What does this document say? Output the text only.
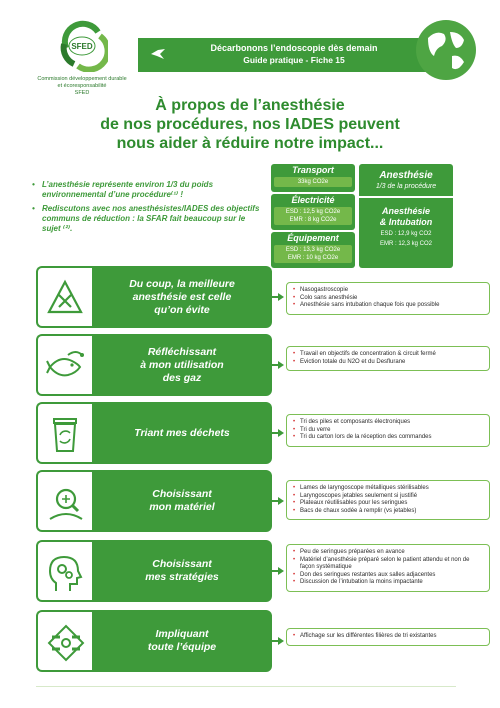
SFED
Commission développement durable
et écoresponsabilité
SFED
Décarbonons l’endoscopie dès demain
Guide pratique - Fiche 15
À propos de l’anesthésie
de nos procédures, nos IADES peuvent
nous aider à réduire notre impact...
• L’anesthésie représente environ 1/3 du poids environnemental d’une procédure⁽¹⁾ !
• Rediscutons avec nos anesthésistes/IADES des objectifs communs de réduction : la SFAR fait beaucoup sur le sujet ⁽²⁾.
Transport
33kg CO2e
Électricité
ESD : 12,5 kg CO2e
EMR : 8 kg CO2e
Équipement
ESD : 13,3 kg CO2e
EMR : 10 kg CO2e
Anesthésie
1/3 de la procédure
Anesthésie
& Intubation
ESD : 12,9 kg CO2
EMR : 12,3 kg CO2
Du coup, la meilleure
anesthésie est celle
qu’on évite
• Nasogastroscopie
• Colo sans anesthésie
• Anesthésie sans intubation chaque fois que possible
Réfléchissant
à mon utilisation
des gaz
• Travail en objectifs de concentration & circuit fermé
• Eviction totale du N2O et du Desflurane
Triant mes déchets
• Tri des piles et composants électroniques
• Tri du verre
• Tri du carton lors de la réception des commandes
Choisissant
mon matériel
• Lames de laryngoscope métalliques stérilisables
• Laryngoscopes jetables seulement si justifié
• Plateaux réutilisables pour les seringues
• Bacs de chaux sodée à remplir (vs jetables)
Choisissant
mes stratégies
• Peu de seringues préparées en avance
• Matériel d’anesthésie préparé selon le patient attendu et non de façon systématique
• Don des seringues restantes aux salles adjacentes
• Discussion de l’intubation la moins impactante
Impliquant
toute l’équipe
• Affichage sur les différentes filières de tri existantes
